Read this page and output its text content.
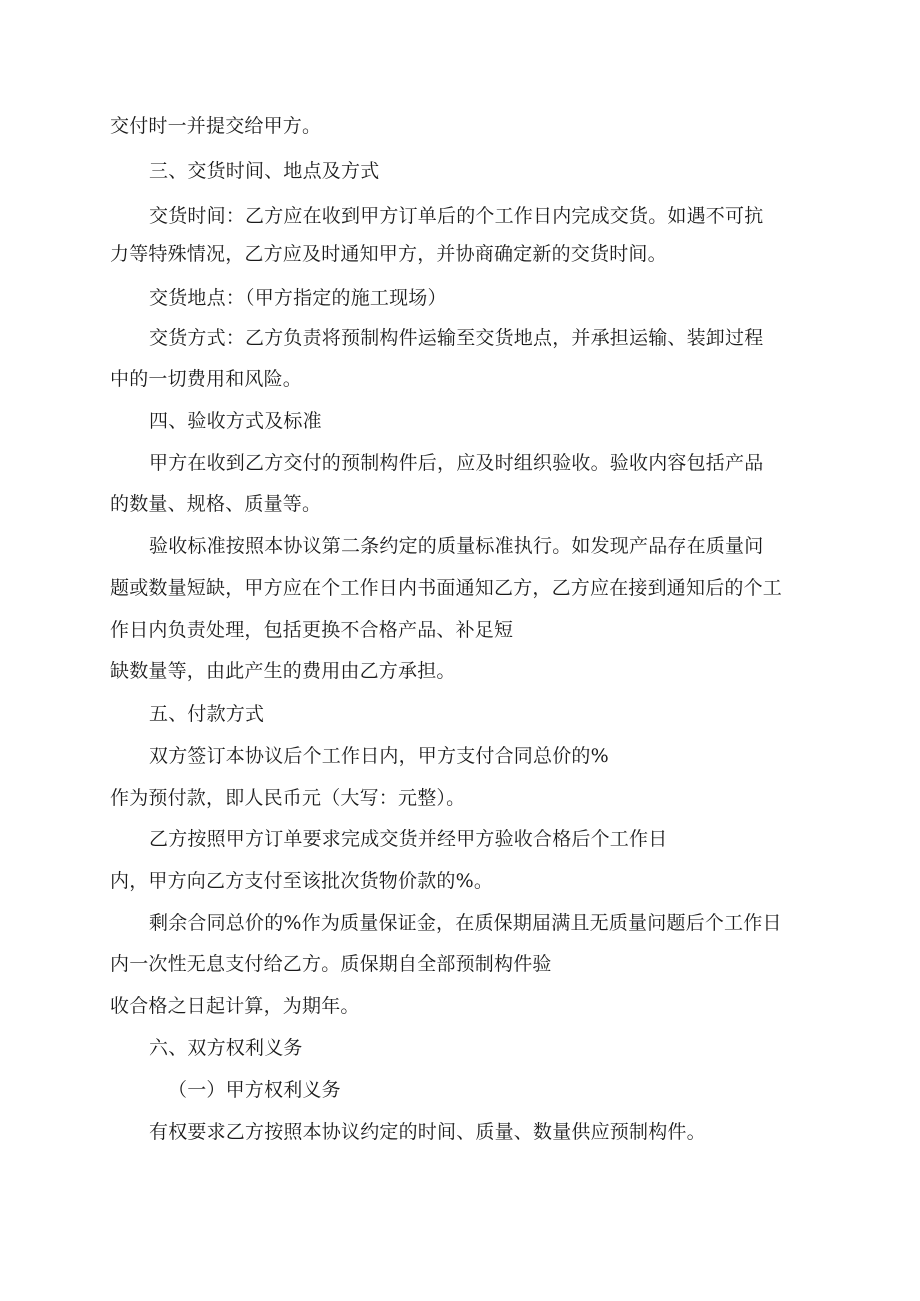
交付时一并提交给甲方。

三、交货时间、地点及方式

交货时间：乙方应在收到甲方订单后的个工作日内完成交货。如遇不可抗

力等特殊情况，乙方应及时通知甲方，并协商确定新的交货时间。

交货地点：（甲方指定的施工现场）

交货方式：乙方负责将预制构件运输至交货地点，并承担运输、装卸过程

中的一切费用和风险。

四、验收方式及标准

甲方在收到乙方交付的预制构件后，应及时组织验收。验收内容包括产品

的数量、规格、质量等。

验收标准按照本协议第二条约定的质量标准执行。如发现产品存在质量问

题或数量短缺，甲方应在个工作日内书面通知乙方，乙方应在接到通知后的个工

作日内负责处理，包括更换不合格产品、补足短

缺数量等，由此产生的费用由乙方承担。

五、付款方式

双方签订本协议后个工作日内，甲方支付合同总价的%

作为预付款，即人民币元（大写：元整）。

乙方按照甲方订单要求完成交货并经甲方验收合格后个工作日

内，甲方向乙方支付至该批次货物价款的%。

剩余合同总价的%作为质量保证金，在质保期届满且无质量问题后个工作日

内一次性无息支付给乙方。质保期自全部预制构件验

收合格之日起计算，为期年。

六、双方权利义务

（一）甲方权利义务

有权要求乙方按照本协议约定的时间、质量、数量供应预制构件。
